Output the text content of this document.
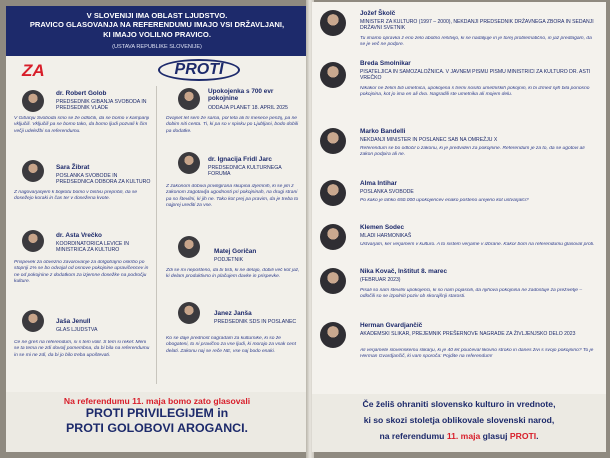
V SLOVENIJI IMA OBLAST LJUDSTVO.
PRAVICO GLASOVANJA NA REFERENDUMU IMAJO VSI DRŽAVLJANI,
KI IMAJO VOLILNO PRAVICO.
(USTAVA REPUBLIKE SLOVENIJE)
ZA	PROTI
dr. Robert Golob
PREDSEDNIK GIBANJA SVOBODA IN PREDSEDNIK VLADE
V Gibanju Svoboda smo se že odločili, da se bomo v kampanji vključili. Vključili pa se bomo tako, da bomo ljudi pozvali k čim večji udeležbi na referendumu.
Sara Žibrat
POSLANKA SVOBODE IN PREDSEDNICA ODBORA ZA KULTURO
Z nagovarjanjem k bojkotu bomo v bistvu prepričili, da se dosežejo koraki in čas ter v dosežena kvote.
dr. Asta Vrečko
KOORDINATORICA LEVICE IN MINISTRICA ZA KULTURO
Prispevek za obvezno zavarovanje za dolgotrajno oskrbo po stopnji 1% se bo odvajal od osnove pokojnine upravičencev in ne od pokojnine z dodatkom za izjemne dosežke na področju kulture.
Jaša Jenull
GLAS LJUDSTVA
Če ne greš na referendum, si s tem volil. S tem si rekel: Meni se ta tema ne zdi dovolj pomembna, da bi bila na referendumu in se mi ne zdi, da bi jo bilo treba upoštevati.
Upokojenka s 700 evr pokojnine
ODDAJA PLANET 18. APRIL 2025
Dvajset let sem že sama, pol leta ali tri mesece penzij, pa ne dobim niti centa. Ti, ki pa so v spisku po Ljubljani, bodo dobili pa dodatke.
dr. Ignacija Fridl Jarc
PREDSEDNICA KULTURNEGA FORUMA
Z zakonom dobiva priviligirana skupina izjemnih, ki se jim z zakonom zagotavlja ugodnosti pri pokojninah, na drugi strani pa so številni, ki jih ne. Tako kot prej pa pravim, da je treba to najprej urediti za vse.
Matej Goričan
PODJETNIK
Zdi se mi nepošteno, da bi tisti, ki ne delajo, dobili več kot jaz, ki delam produktivno in plačujem davke in prispevke.
Janez Janša
PREDSEDNIK SDS IN POSLANEC
Ko se daje prednost nagradam za kulturnike, ki so že obogateni, to ni pravično za vse ljudi, ki morajo za vsak cent delati. Zakonu naj se reče NE, vse naj bodo enaki.
Na referendumu 11. maja bomo zato glasovali
PROTI PRIVILEGIJEM in
PROTI GOLOBOVI AROGANCI.
Jožef Školč
MINISTER ZA KULTURO (1997 – 2000), NEKDANJI PREDSEDNIK DRŽAVNEGA ZBORA IN SEDANJI DRŽAVNI SVETNIK
Tu imamo opravka z eno zelo abotno rešitvijo, ki se nadaljuje in je torej problematično, in jaz predlagam, da se je več ne podpre.
Breda Smolnikar
PISATELJICA IN SAMOZALOŽNICA. V JAVNEM PISMU PISMU MINISTRICI ZA KULTURO DR. ASTI VREČKO
Nikakor ne želim biti umetnica, upokojena s tremi nosilci umetniških pokojnin, ki bi izmed njih bila ponosno pokojnina, kot jo ima en ali dva. Nagradili ste umetnika ali mojem delu.
Marko Bandelli
NEKDANJI MINISTER IN POSLANEC SAB NA OMREŽJU X
Referendum se bo odločil o zakonu, ki je predviden za pokojnine. Referendum je za to, da se ugotovi ali zakon podpira ali ne.
Alma Intihar
POSLANKA SVOBODE
Po kako je lahko 650.000 upokojencev enako pošteno urejeno kot ustvarjalci?
Klemen Sodec
MLADI HARMONIKAŠ
Ustvarjam, ker verjamem v kulturo. A to sistem verjame v izbrane. Kakor bom na referendumu glasoval proti.
Nika Kovač, Inštitut 8. marec
(FEBRUAR 2023)
Pisali so nam številni upokojenci, ki so nam pojasnili, da njihova pokojnina ne zadostuje za preživetje – odločili so se izpolniti poziv ob skorajšnji starosti.
Herman Gvardjančič
AKADEMSKI SLIKAR, PREJEMNIK PREŠERNOVE NAGRADE ZA ŽIVLJENJSKO DELO 2023
Ali verjamete slovenskemu slikarju, ki je 40 let poučeval likovno stroko in danes živi s svojo pokojnino? To je Herman Gvardjančič, ki vam sporoča: Pojdite na referendum!
Če želiš ohraniti slovensko kulturo in vrednote,
ki so skozi stoletja oblikovale slovenski narod,
na referendumu 11. maja glasuj PROTI.
